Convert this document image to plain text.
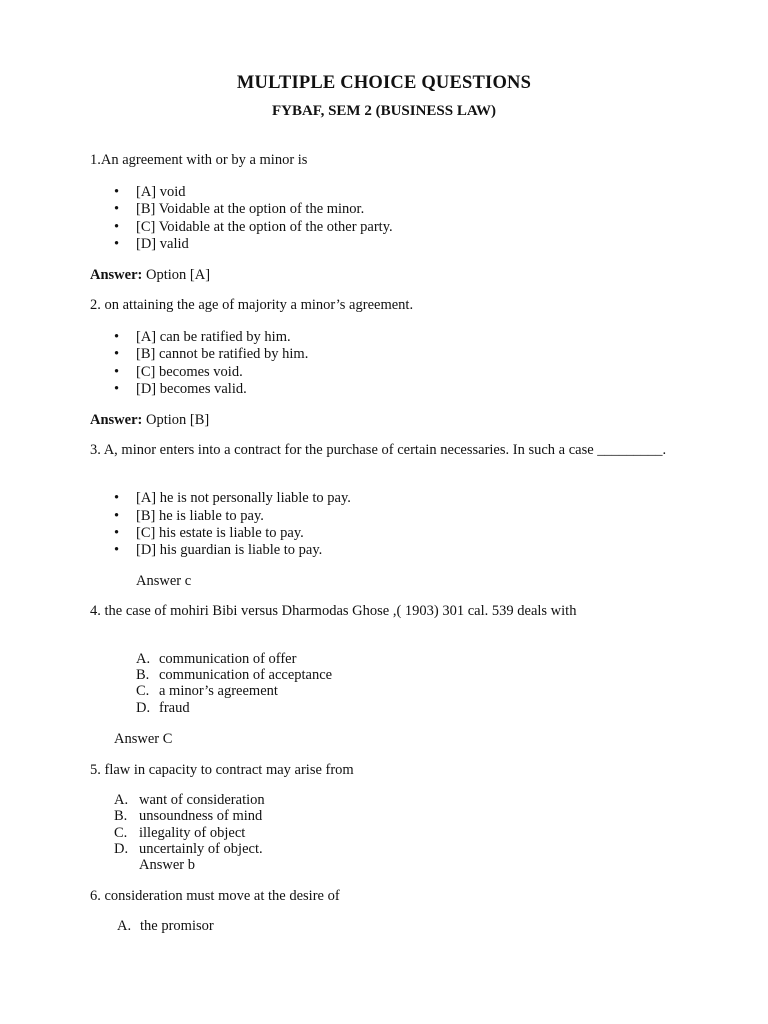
MULTIPLE CHOICE QUESTIONS
FYBAF, SEM 2 (BUSINESS LAW)
1.An agreement with or by a minor is
• [A] void
• [B] Voidable at the option of the minor.
• [C] Voidable at the option of the other party.
• [D] valid
Answer: Option [A]
2. on attaining the age of majority a minor’s agreement.
• [A] can be ratified by him.
• [B] cannot be ratified by him.
• [C] becomes void.
• [D] becomes valid.
Answer: Option [B]
3. A, minor enters into a contract for the purchase of certain necessaries. In such a case _________.
• [A] he is not personally liable to pay.
• [B] he is liable to pay.
• [C] his estate is liable to pay.
• [D] his guardian is liable to pay.
Answer c
4. the case of mohiri Bibi versus Dharmodas Ghose ,( 1903) 301 cal. 539 deals with
A. communication of offer
B. communication of acceptance
C. a minor’s agreement
D. fraud
Answer C
5. flaw in capacity to contract may arise from
A. want of consideration
B. unsoundness of mind
C. illegality of object
D. uncertainly of object.
Answer b
6. consideration must move at the desire of
A. the promisor
